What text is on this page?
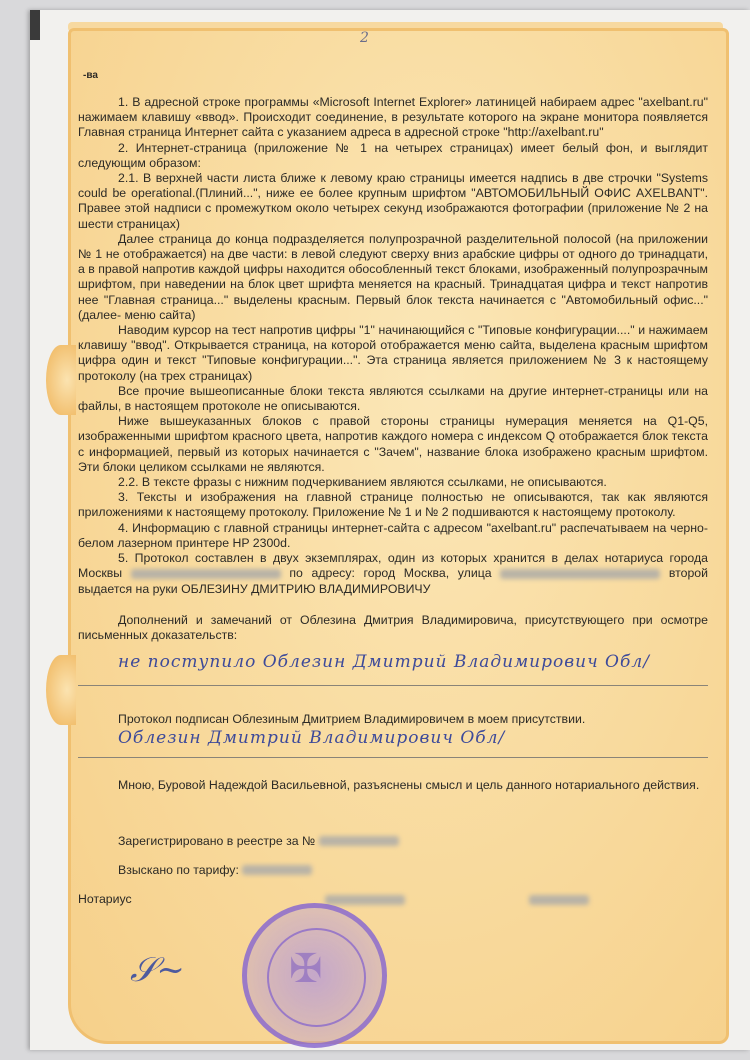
2
-ва

1. В адресной строке программы «Microsoft Internet Explorer» латиницей набираем адрес "axelbant.ru" нажимаем клавишу «ввод». Происходит соединение, в результате которого на экране монитора появляется Главная страница Интернет сайта с указанием адреса в адресной строке "http://axelbant.ru"

2. Интернет-страница (приложение № 1 на четырех страницах) имеет белый фон, и выглядит следующим образом:

2.1. В верхней части листа ближе к левому краю страницы имеется надпись в две строчки "Systems could be operational.(Плиний...", ниже ее более крупным шрифтом "АВТОМОБИЛЬНЫЙ ОФИС AXELBANT". Правее этой надписи с промежутком около четырех секунд изображаются фотографии (приложение № 2 на шести страницах)

Далее страница до конца подразделяется полупрозрачной разделительной полосой (на приложении № 1 не отображается) на две части: в левой следуют сверху вниз арабские цифры от одного до тринадцати, а в правой напротив каждой цифры находится обособленный текст блоками, изображенный полупрозрачным шрифтом, при наведении на блок цвет шрифта меняется на красный. Тринадцатая цифра и текст напротив нее "Главная страница..." выделены красным. Первый блок текста начинается с "Автомобильный офис..." (далее- меню сайта)

Наводим курсор на тест напротив цифры "1" начинающийся с "Типовые конфигурации...." и нажимаем клавишу "ввод". Открывается страница, на которой отображается меню сайта, выделена красным шрифтом цифра один и текст "Типовые конфигурации...". Эта страница является приложением № 3 к настоящему протоколу (на трех страницах)

Все прочие вышеописанные блоки текста являются ссылками на другие интернет-страницы или на файлы, в настоящем протоколе не описываются.

Ниже вышеуказанных блоков с правой стороны страницы нумерация меняется на Q1-Q5, изображенными шрифтом красного цвета, напротив каждого номера с индексом Q отображается блок текста с информацией, первый из которых начинается с "Зачем", название блока изображено красным шрифтом. Эти блоки целиком ссылками не являются.

2.2. В тексте фразы с нижним подчеркиванием являются ссылками, не описываются.

3. Тексты и изображения на главной странице полностью не описываются, так как являются приложениями к настоящему протоколу. Приложение № 1 и № 2 подшиваются к настоящему протоколу.

4. Информацию с главной страницы интернет-сайта с адресом "axelbant.ru" распечатываем на черно-белом лазерном принтере HP 2300d.

5. Протокол составлен в двух экземплярах, один из которых хранится в делах нотариуса города Москвы	по адресу: город Москва, улица	второй выдается на руки ОБЛЕЗИНУ ДМИТРИЮ ВЛАДИМИРОВИЧУ

Дополнений и замечаний от Облезина Дмитрия Владимировича, присутствующего при осмотре письменных доказательств:

не поступило Облезин Дмитрий Владимирович Обл/

Протокол подписан Облезиным Дмитрием Владимировичем в моем присутствии.

Облезин Дмитрий Владимирович Обл/

Мною, Буровой Надеждой Васильевной, разъяснены смысл и цель данного нотариального действия.

Зарегистрировано в реестре за №
Взыскано по тарифу:
Нотариус
𝒮~	✠
